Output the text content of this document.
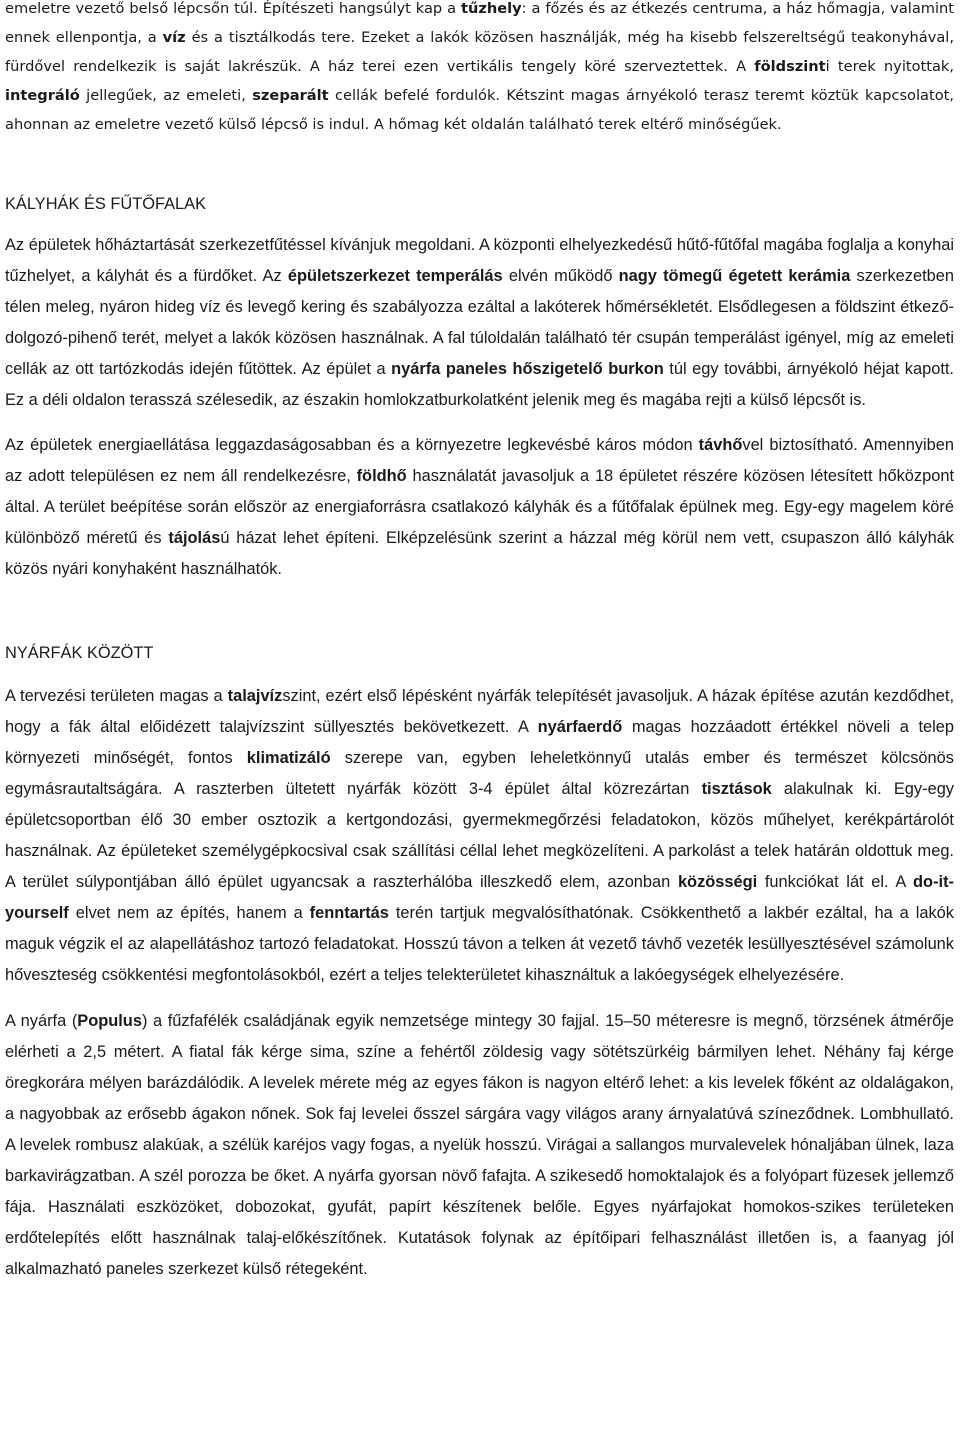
emeletre vezető belső lépcsőn túl. Építészeti hangsúlyt kap a tűzhely: a főzés és az étkezés centruma, a ház hőmagja, valamint ennek ellenpontja, a víz és a tisztálkodás tere. Ezeket a lakók közösen használják, még ha kisebb felszereltségű teakonyhával, fürdővel rendelkezik is saját lakrészük. A ház terei ezen vertikális tengely köré szerveztettek. A földszinti terek nyitottak, integráló jellegűek, az emeleti, szeparált cellák befelé fordulók. Kétszint magas árnyékoló terasz teremt köztük kapcsolatot, ahonnan az emeletre vezető külső lépcső is indul. A hőmag két oldalán található terek eltérő minőségűek.

KÁLYHÁK ÉS FŰTŐFALAK

Az épületek hőháztartását szerkezetfűtéssel kívánjuk megoldani. A központi elhelyezkedésű hűtő-fűtőfal magába foglalja a konyhai tűzhelyet, a kályhát és a fürdőket. Az épületszerkezet temperálás elvén működő nagy tömegű égetett kerámia szerkezetben télen meleg, nyáron hideg víz és levegő kering és szabályozza ezáltal a lakóterek hőmérsékletét. Elsődlegesen a földszint étkező-dolgozó-pihenő terét, melyet a lakók közösen használnak. A fal túloldalán található tér csupán temperálást igényel, míg az emeleti cellák az ott tartózkodás idején fűtöttek. Az épület a nyárfa paneles hőszigetelő burkon túl egy további, árnyékoló héjat kapott. Ez a déli oldalon terasszá szélesedik, az északin homlokzatburkolatként jelenik meg és magába rejti a külső lépcsőt is.

Az épületek energiaellátása leggazdaságosabban és a környezetre legkevésbé káros módon távhővel biztosítható. Amennyiben az adott településen ez nem áll rendelkezésre, földhő használatát javasoljuk a 18 épületet részére közösen létesített hőközpont által. A terület beépítése során először az energiaforrásra csatlakozó kályhák és a fűtőfalak épülnek meg. Egy-egy magelem köré különböző méretű és tájolású házat lehet építeni. Elképzelésünk szerint a házzal még körül nem vett, csupaszon álló kályhák közös nyári konyhaként használhatók.

NYÁRFÁK KÖZÖTT

A tervezési területen magas a talajvízszint, ezért első lépésként nyárfák telepítését javasoljuk. A házak építése azután kezdődhet, hogy a fák által előidézett talajvízszint süllyesztés bekövetkezett. A nyárfaerdő magas hozzáadott értékkel növeli a telep környezeti minőségét, fontos klimatizáló szerepe van, egyben leheletkönnyű utalás ember és természet kölcsönös egymásrautaltságára. A raszterben ültetett nyárfák között 3-4 épület által közrezártan tisztások alakulnak ki. Egy-egy épületcsoportban élő 30 ember osztozik a kertgondozási, gyermekmegőrzési feladatokon, közös műhelyet, kerékpártárolót használnak. Az épületeket személygépkocsival csak szállítási céllal lehet megközelíteni. A parkolást a telek határán oldottuk meg. A terület súlypontjában álló épület ugyancsak a raszterhálóba illeszkedő elem, azonban közösségi funkciókat lát el. A do-it-yourself elvet nem az építés, hanem a fenntartás terén tartjuk megvalósíthatónak. Csökkenthető a lakbér ezáltal, ha a lakók maguk végzik el az alapellátáshoz tartozó feladatokat. Hosszú távon a telken át vezető távhő vezeték lesüllyesztésével számolunk hőveszteség csökkentési megfontolásokból, ezért a teljes telekterületet kihasználtuk a lakóegységek elhelyezésére.

A nyárfa (Populus) a fűzfafélék családjának egyik nemzetsége mintegy 30 fajjal. 15–50 méteresre is megnő, törzsének átmérője elérheti a 2,5 métert. A fiatal fák kérge sima, színe a fehértől zöldesig vagy sötétszürkéig bármilyen lehet. Néhány faj kérge öregkorára mélyen barázdálódik. A levelek mérete még az egyes fákon is nagyon eltérő lehet: a kis levelek főként az oldalágakon, a nagyobbak az erősebb ágakon nőnek. Sok faj levelei ősszel sárgára vagy világos arany árnyalatúvá színeződnek. Lombhullató. A levelek rombusz alakúak, a szélük karéjos vagy fogas, a nyelük hosszú. Virágai a sallangos murvalevelek hónaljában ülnek, laza barkavirágzatban. A szél porozza be őket. A nyárfa gyorsan növő fafajta. A szikesedő homoktalajok és a folyópart füzesek jellemző fája. Használati eszközöket, dobozokat, gyufát, papírt készítenek belőle. Egyes nyárfajokat homokos-szikes területeken erdőtelepítés előtt használnak talaj-előkészítőnek. Kutatások folynak az építőipari felhasználást illetően is, a faanyag jól alkalmazható paneles szerkezet külső rétegeként.
